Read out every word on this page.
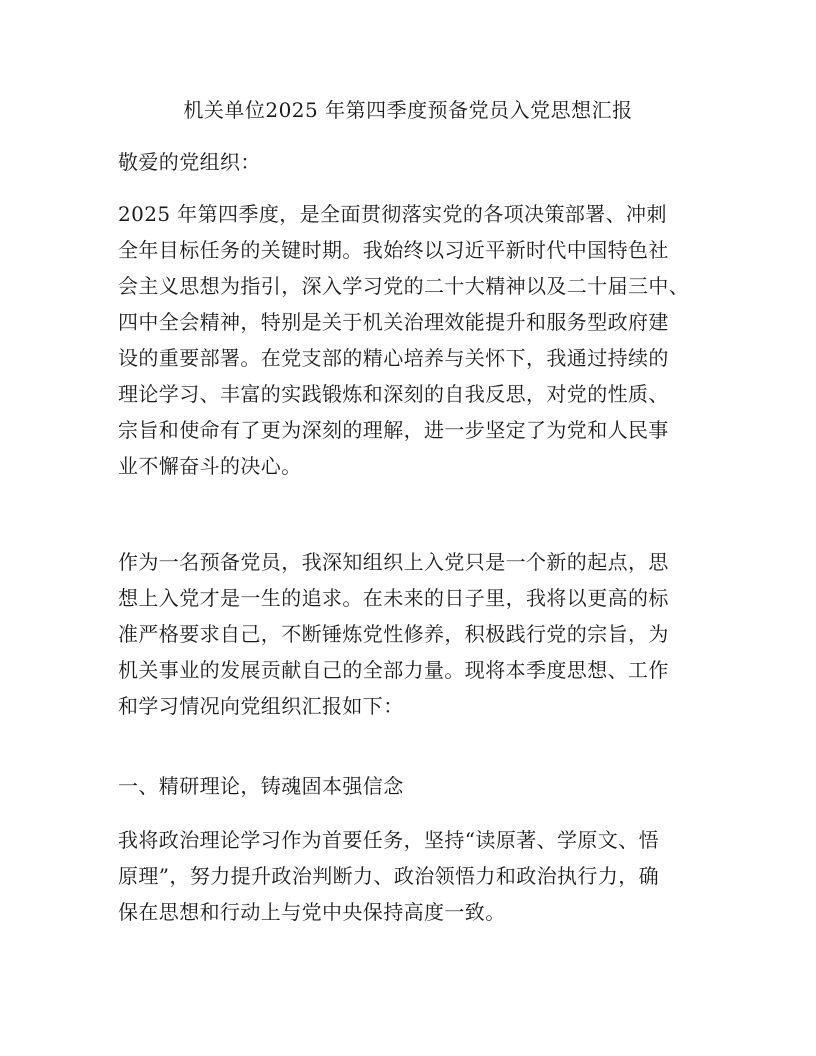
机关单位2025 年第四季度预备党员入党思想汇报
敬爱的党组织：
2025 年第四季度，是全面贯彻落实党的各项决策部署、冲刺
全年目标任务的关键时期。我始终以习近平新时代中国特色社
会主义思想为指引，深入学习党的二十大精神以及二十届三中、
四中全会精神，特别是关于机关治理效能提升和服务型政府建
设的重要部署。在党支部的精心培养与关怀下，我通过持续的
理论学习、丰富的实践锻炼和深刻的自我反思，对党的性质、
宗旨和使命有了更为深刻的理解，进一步坚定了为党和人民事
业不懈奋斗的决心。
作为一名预备党员，我深知组织上入党只是一个新的起点，思
想上入党才是一生的追求。在未来的日子里，我将以更高的标
准严格要求自己，不断锤炼党性修养，积极践行党的宗旨，为
机关事业的发展贡献自己的全部力量。现将本季度思想、工作
和学习情况向党组织汇报如下：
一、精研理论，铸魂固本强信念
我将政治理论学习作为首要任务，坚持“读原著、学原文、悟
原理”，努力提升政治判断力、政治领悟力和政治执行力，确
保在思想和行动上与党中央保持高度一致。
